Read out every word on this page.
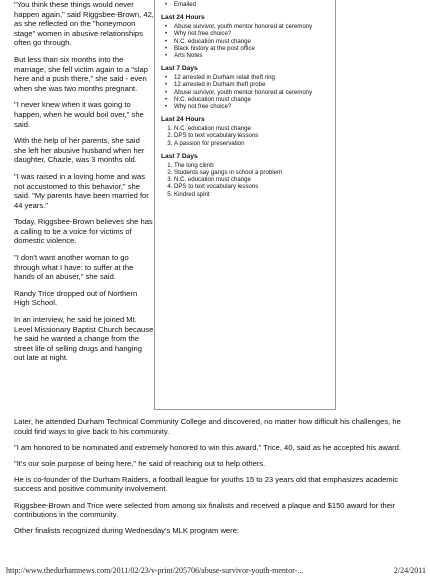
"You think these things would never happen again," said Riggsbee-Brown, 42, as she reflected on the "honeymoon stage" women in abusive relationships often go through.

But less than six months into the marriage, she fell victim again to a "slap here and a push there," she said - even when she was two months pregnant.

"I never knew when it was going to happen, when he would boil over," she said.

With the help of her parents, she said she left her abusive husband when her daughter, Chazle, was 3 months old.

"I was raised in a loving home and was not accustomed to this behavior," she said. "My parents have been married for 44 years."

Today, Riggsbee-Brown believes she has a calling to be a voice for victims of domestic violence.

"I don't want another woman to go through what I have: to suffer at the hands of an abuser," she said.

Randy Trice dropped out of Northern High School.

In an interview, he said he joined Mt. Level Missionary Baptist Church because he said he wanted a change from the street life of selling drugs and hanging out late at night.

• Emailed
Last 24 Hours
• Abuse survivor, youth mentor honored at ceremony
• Why not free choice?
• N.C. education must change
• Black history at the post office
• Arts Notes
Last 7 Days
• 12 arrested in Durham retail theft ring
• 12 arrested in Durham theft probe
• Abuse survivor, youth mentor honored at ceremony
• N.C. education must change
• Why not free choice?
Last 24 Hours
1. N.C. education must change
2. DPS to text vocabulary lessons
3. A passion for preservation
Last 7 Days
1. The long climb
2. Students say gangs in school a problem
3. N.C. education must change
4. DPS to text vocabulary lessons
5. Kindred spirit

Later, he attended Durham Technical Community College and discovered, no matter how difficult his challenges, he could find ways to give back to his community.

"I am honored to be nominated and extremely honored to win this award," Trice, 40, said as he accepted his award.

"It's our sole purpose of being here," he said of reaching out to help others.

He is co-founder of the Durham Raiders, a football league for youths 15 to 23 years old that emphasizes academic success and positive community involvement.

Riggsbee-Brown and Trice were selected from among six finalists and received a plaque and $150 award for their contributions in the community.

Other finalists recognized during Wednesday's MLK program were:

http://www.thedurhamnews.com/2011/02/23/v-print/205706/abuse-survivor-youth-mentor-...	2/24/2011
